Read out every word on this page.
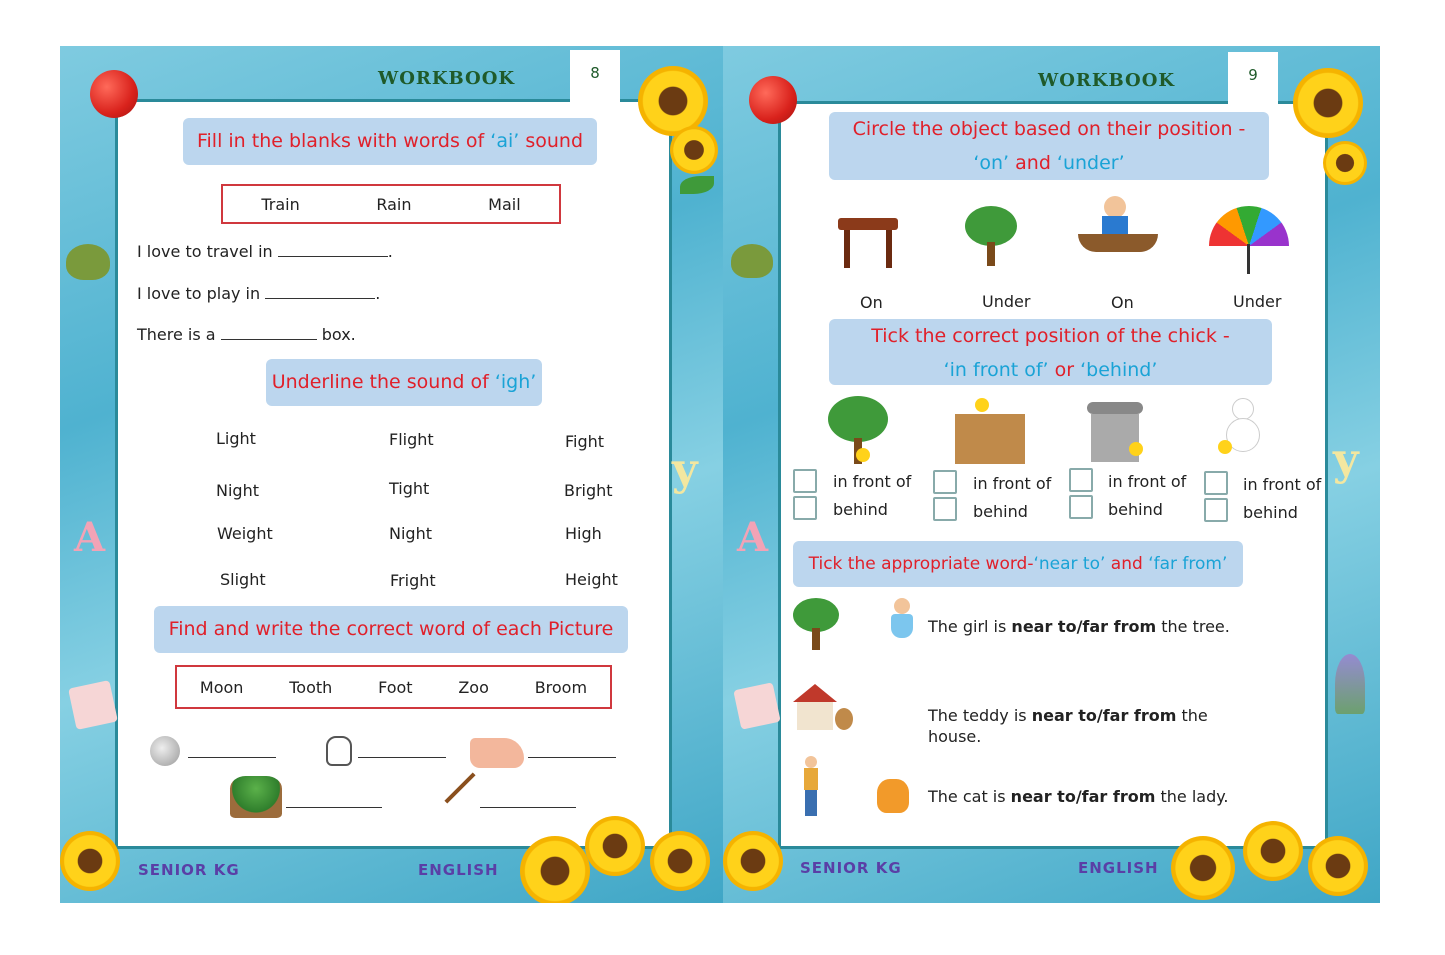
WORKBOOK	8
y
A
Fill in the blanks with words of ‘ai’ sound
Train	Rain	Mail
I love to travel in	.
I love to play in	.
There is a	box.
Underline the sound of ‘igh’
Light	Flight	Fight
Night	Tight	Bright
Weight	Night	High
Slight	Fright	Height
Find and write the correct word of each Picture
Moon	Tooth	Foot	Zoo	Broom
SENIOR KG	ENGLISH
WORKBOOK	9
y
A
Circle the object based on their position -
‘on’ and ‘under’
On	Under	On	Under
Tick the correct position of the chick -
‘in front of’ or ‘behind’
in front of
behind
in front of
behind
in front of
behind
in front of
behind
Tick the appropriate word-‘near to’ and ‘far from’
The girl is near to/far from the tree.
The teddy is near to/far from the
house.
The cat is near to/far from the lady.
SENIOR KG	ENGLISH
